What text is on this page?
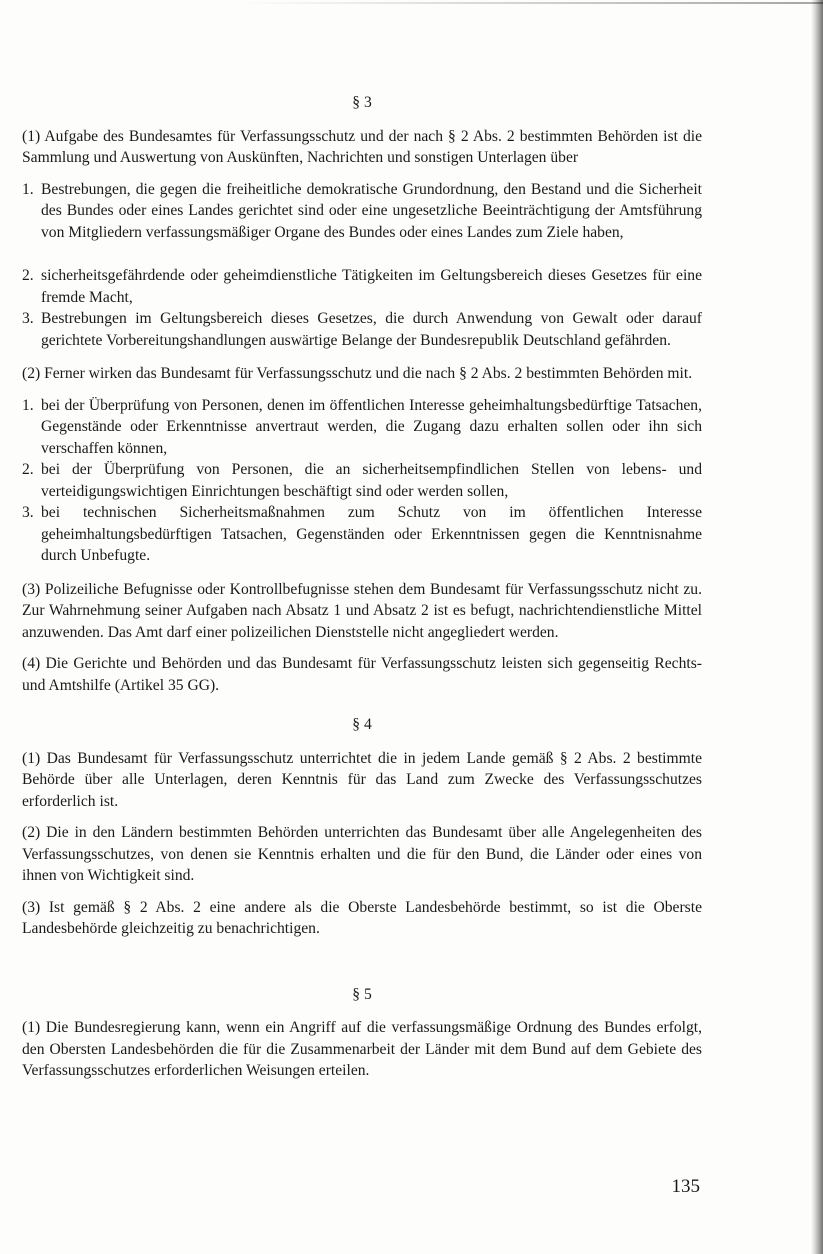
§ 3

(1) Aufgabe des Bundesamtes für Verfassungsschutz und der nach § 2 Abs. 2 bestimmten Behörden ist die Sammlung und Auswertung von Auskünften, Nachrichten und sonstigen Unterlagen über

1. Bestrebungen, die gegen die freiheitliche demokratische Grundordnung, den Bestand und die Sicherheit des Bundes oder eines Landes gerichtet sind oder eine ungesetzliche Beeinträchtigung der Amtsführung von Mitgliedern verfassungsmäßiger Organe des Bundes oder eines Landes zum Ziele haben,
2. sicherheitsgefährdende oder geheimdienstliche Tätigkeiten im Geltungsbereich dieses Gesetzes für eine fremde Macht,
3. Bestrebungen im Geltungsbereich dieses Gesetzes, die durch Anwendung von Gewalt oder darauf gerichtete Vorbereitungshandlungen auswärtige Belange der Bundesrepublik Deutschland gefährden.

(2) Ferner wirken das Bundesamt für Verfassungsschutz und die nach § 2 Abs. 2 bestimmten Behörden mit.

1. bei der Überprüfung von Personen, denen im öffentlichen Interesse geheimhaltungsbedürftige Tatsachen, Gegenstände oder Erkenntnisse anvertraut werden, die Zugang dazu erhalten sollen oder ihn sich verschaffen können,
2. bei der Überprüfung von Personen, die an sicherheitsempfindlichen Stellen von lebens- und verteidigungswichtigen Einrichtungen beschäftigt sind oder werden sollen,
3. bei technischen Sicherheitsmaßnahmen zum Schutz von im öffentlichen Interesse geheimhaltungsbedürftigen Tatsachen, Gegenständen oder Erkenntnissen gegen die Kenntnisnahme durch Unbefugte.

(3) Polizeiliche Befugnisse oder Kontrollbefugnisse stehen dem Bundesamt für Verfassungsschutz nicht zu. Zur Wahrnehmung seiner Aufgaben nach Absatz 1 und Absatz 2 ist es befugt, nachrichtendienstliche Mittel anzuwenden. Das Amt darf einer polizeilichen Dienststelle nicht angegliedert werden.

(4) Die Gerichte und Behörden und das Bundesamt für Verfassungsschutz leisten sich gegenseitig Rechts- und Amtshilfe (Artikel 35 GG).

§ 4

(1) Das Bundesamt für Verfassungsschutz unterrichtet die in jedem Lande gemäß § 2 Abs. 2 bestimmte Behörde über alle Unterlagen, deren Kenntnis für das Land zum Zwecke des Verfassungsschutzes erforderlich ist.

(2) Die in den Ländern bestimmten Behörden unterrichten das Bundesamt über alle Angelegenheiten des Verfassungsschutzes, von denen sie Kenntnis erhalten und die für den Bund, die Länder oder eines von ihnen von Wichtigkeit sind.

(3) Ist gemäß § 2 Abs. 2 eine andere als die Oberste Landesbehörde bestimmt, so ist die Oberste Landesbehörde gleichzeitig zu benachrichtigen.

§ 5

(1) Die Bundesregierung kann, wenn ein Angriff auf die verfassungsmäßige Ordnung des Bundes erfolgt, den Obersten Landesbehörden die für die Zusammenarbeit der Länder mit dem Bund auf dem Gebiete des Verfassungsschutzes erforderlichen Weisungen erteilen.

135
